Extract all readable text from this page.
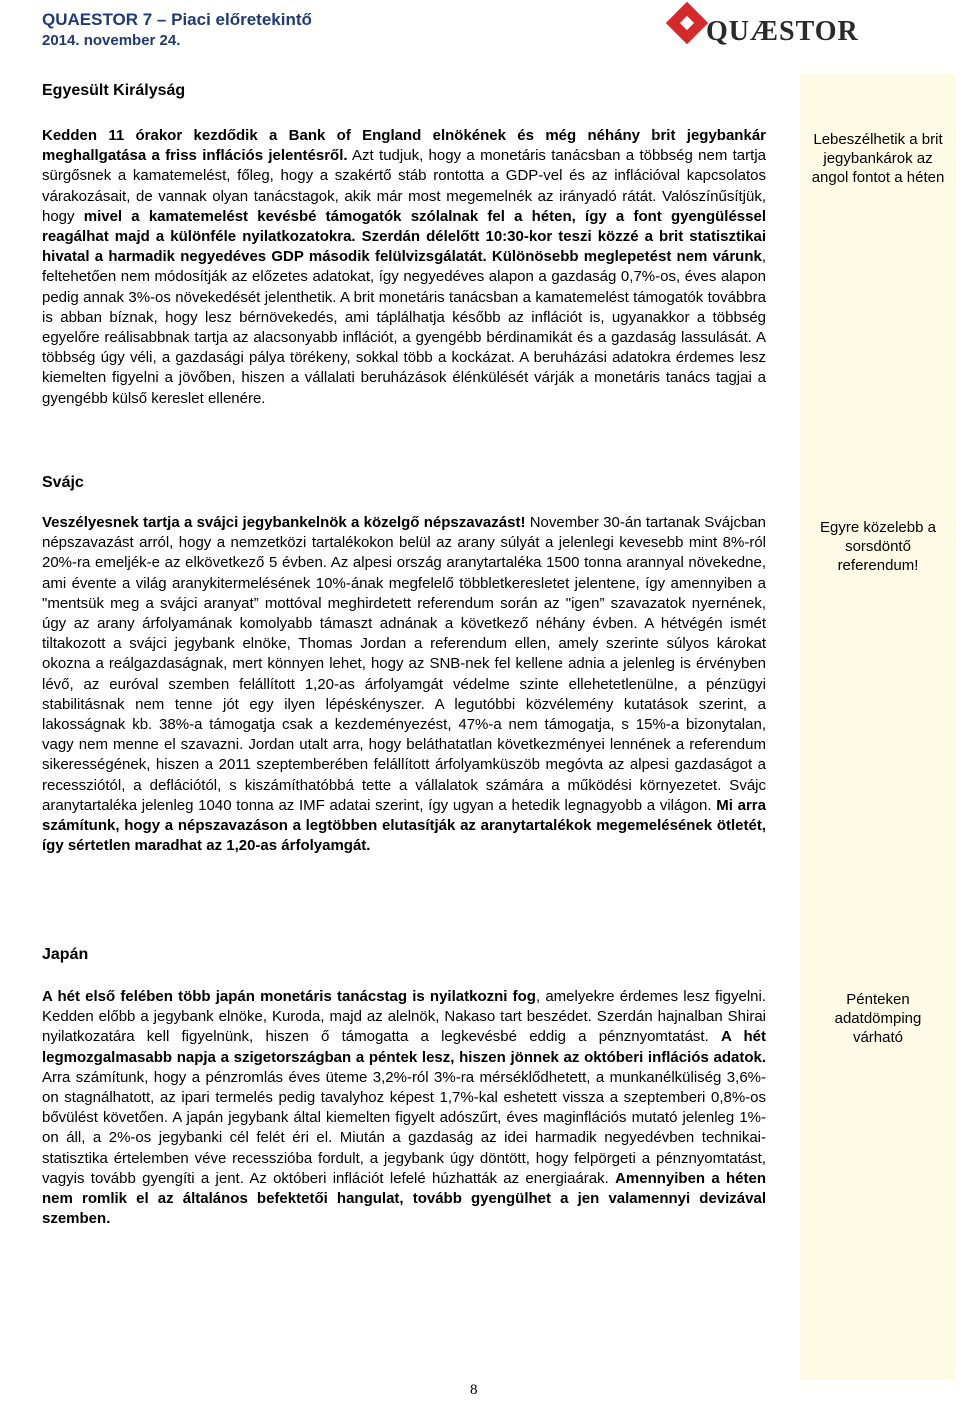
QUAESTOR 7 – Piaci előretekintő
2014. november 24.	QUÆSTOR
Egyesült Királyság
Lebeszélhetik a brit jegybankárok az angol fontot a héten
Kedden 11 órakor kezdődik a Bank of England elnökének és még néhány brit jegybankár meghallgatása a friss inflációs jelentésről. Azt tudjuk, hogy a monetáris tanácsban a többség nem tartja sürgősnek a kamatemelést, főleg, hogy a szakértő stáb rontotta a GDP-vel és az inflációval kapcsolatos várakozásait, de vannak olyan tanácstagok, akik már most megemelnék az irányadó rátát. Valószínűsítjük, hogy mivel a kamatemelést kevésbé támogatók szólalnak fel a héten, így a font gyengüléssel reagálhat majd a különféle nyilatkozatokra. Szerdán délelőtt 10:30-kor teszi közzé a brit statisztikai hivatal a harmadik negyedéves GDP második felülvizsgálatát. Különösebb meglepetést nem várunk, feltehetően nem módosítják az előzetes adatokat, így negyedéves alapon a gazdaság 0,7%-os, éves alapon pedig annak 3%-os növekedését jelenthetik. A brit monetáris tanácsban a kamatemelést támogatók továbbra is abban bíznak, hogy lesz bérnövekedés, ami táplálhatja később az inflációt is, ugyanakkor a többség egyelőre reálisabbnak tartja az alacsonyabb inflációt, a gyengébb bérdinamikát és a gazdaság lassulását. A többség úgy véli, a gazdasági pálya törékeny, sokkal több a kockázat. A beruházási adatokra érdemes lesz kiemelten figyelni a jövőben, hiszen a vállalati beruházások élénkülését várják a monetáris tanács tagjai a gyengébb külső kereslet ellenére.
Svájc
Egyre közelebb a sorsdöntő referendum!
Veszélyesnek tartja a svájci jegybankelnök a közelgő népszavazást! November 30-án tartanak Svájcban népszavazást arról, hogy a nemzetközi tartalékokon belül az arany súlyát a jelenlegi kevesebb mint 8%-ról 20%-ra emeljék-e az elkövetkező 5 évben. Az alpesi ország aranytartaléka 1500 tonna arannyal növekedne, ami évente a világ aranykitermelésének 10%-ának megfelelő többletkeresletet jelentene, így amennyiben a "mentsük meg a svájci aranyat” mottóval meghirdetett referendum során az "igen” szavazatok nyernének, úgy az arany árfolyamának komolyabb támaszt adnának a következő néhány évben. A hétvégén ismét tiltakozott a svájci jegybank elnöke, Thomas Jordan a referendum ellen, amely szerinte súlyos károkat okozna a reálgazdaságnak, mert könnyen lehet, hogy az SNB-nek fel kellene adnia a jelenleg is érvényben lévő, az euróval szemben felállított 1,20-as árfolyamgát védelme szinte ellehetetlenülne, a pénzügyi stabilitásnak nem tenne jót egy ilyen lépéskényszer. A legutóbbi közvélemény kutatások szerint, a lakosságnak kb. 38%-a támogatja csak a kezdeményezést, 47%-a nem támogatja, s 15%-a bizonytalan, vagy nem menne el szavazni. Jordan utalt arra, hogy beláthatatlan következményei lennének a referendum sikerességének, hiszen a 2011 szeptemberében felállított árfolyamküszöb megóvta az alpesi gazdaságot a recessziótól, a deflációtól, s kiszámíthatóbbá tette a vállalatok számára a működési környezetet. Svájc aranytartaléka jelenleg 1040 tonna az IMF adatai szerint, így ugyan a hetedik legnagyobb a világon. Mi arra számítunk, hogy a népszavazáson a legtöbben elutasítják az aranytartalékok megemelésének ötletét, így sértetlen maradhat az 1,20-as árfolyamgát.
Japán
Pénteken adatdömping várható
A hét első felében több japán monetáris tanácstag is nyilatkozni fog, amelyekre érdemes lesz figyelni. Kedden előbb a jegybank elnöke, Kuroda, majd az alelnök, Nakaso tart beszédet. Szerdán hajnalban Shirai nyilatkozatára kell figyelnünk, hiszen ő támogatta a legkevésbé eddig a pénznyomtatást. A hét legmozgalmasabb napja a szigetországban a péntek lesz, hiszen jönnek az októberi inflációs adatok. Arra számítunk, hogy a pénzromlás éves üteme 3,2%-ról 3%-ra mérséklődhetett, a munkanélküliség 3,6%-on stagnálhatott, az ipari termelés pedig tavalyhoz képest 1,7%-kal eshetett vissza a szeptemberi 0,8%-os bővülést követően. A japán jegybank által kiemelten figyelt adószűrt, éves maginflációs mutató jelenleg 1%-on áll, a 2%-os jegybanki cél felét éri el. Miután a gazdaság az idei harmadik negyedévben technikai-statisztika értelemben véve recesszióba fordult, a jegybank úgy döntött, hogy felpörgeti a pénznyomtatást, vagyis tovább gyengíti a jent. Az októberi inflációt lefelé húzhatták az energiaárak. Amennyiben a héten nem romlik el az általános befektetői hangulat, tovább gyengülhet a jen valamennyi devizával szemben.
8
